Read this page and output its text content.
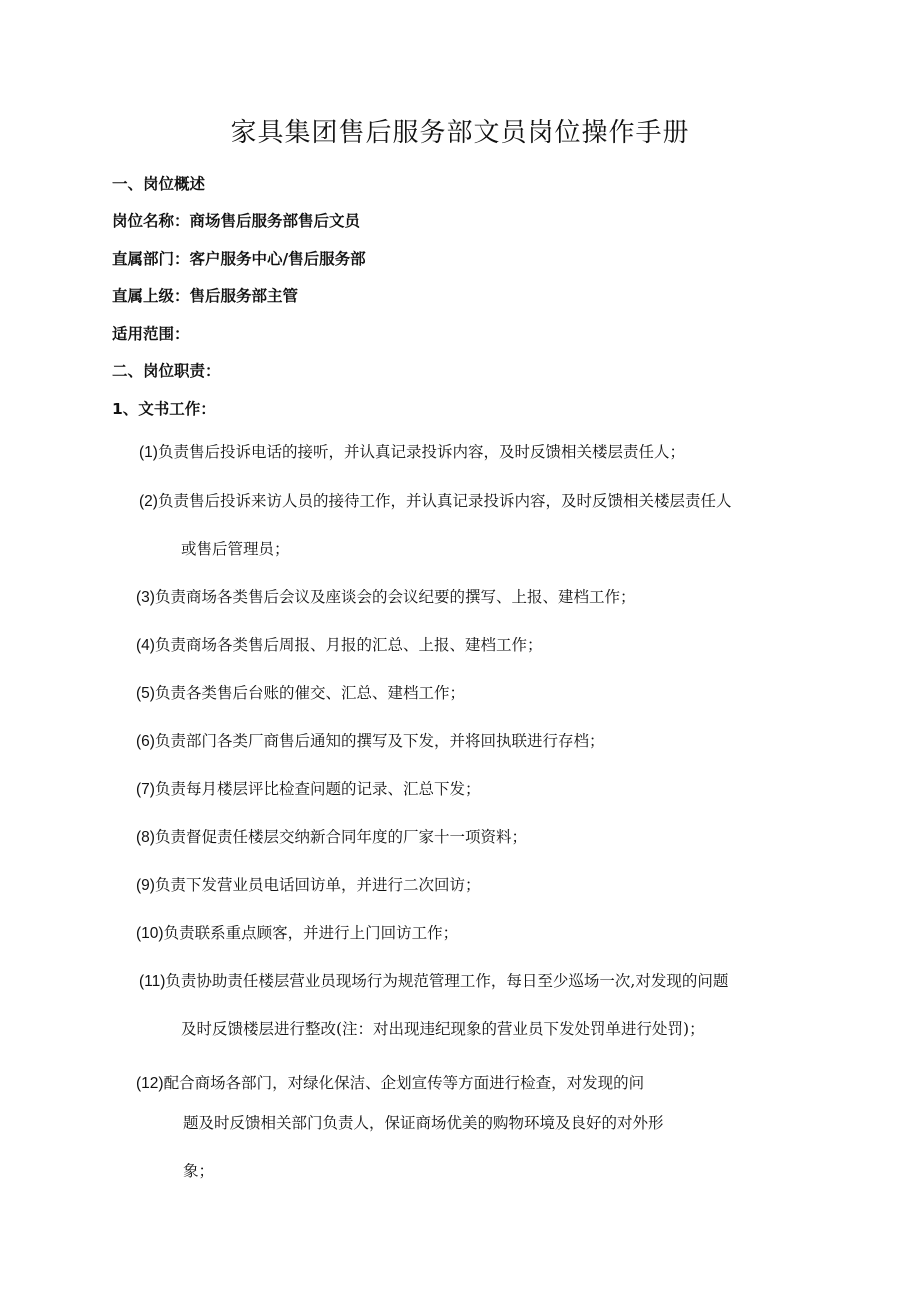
家具集团售后服务部文员岗位操作手册
一、岗位概述
岗位名称：商场售后服务部售后文员
直属部门：客户服务中心/售后服务部
直属上级：售后服务部主管
适用范围：
二、岗位职责：
1、文书工作：
(1)负责售后投诉电话的接听，并认真记录投诉内容，及时反馈相关楼层责任人；
(2)负责售后投诉来访人员的接待工作，并认真记录投诉内容，及时反馈相关楼层责任人
或售后管理员；
(3)负责商场各类售后会议及座谈会的会议纪要的撰写、上报、建档工作；
(4)负责商场各类售后周报、月报的汇总、上报、建档工作；
(5)负责各类售后台账的催交、汇总、建档工作；
(6)负责部门各类厂商售后通知的撰写及下发，并将回执联进行存档；
(7)负责每月楼层评比检查问题的记录、汇总下发；
(8)负责督促责任楼层交纳新合同年度的厂家十一项资料；
(9)负责下发营业员电话回访单，并进行二次回访；
(10)负责联系重点顾客，并进行上门回访工作；
(11)负责协助责任楼层营业员现场行为规范管理工作，每日至少巡场一次,对发现的问题
及时反馈楼层进行整改(注：对出现违纪现象的营业员下发处罚单进行处罚)；
(12)配合商场各部门，对绿化保洁、企划宣传等方面进行检查，对发现的问
题及时反馈相关部门负责人，保证商场优美的购物环境及良好的对外形
象；
